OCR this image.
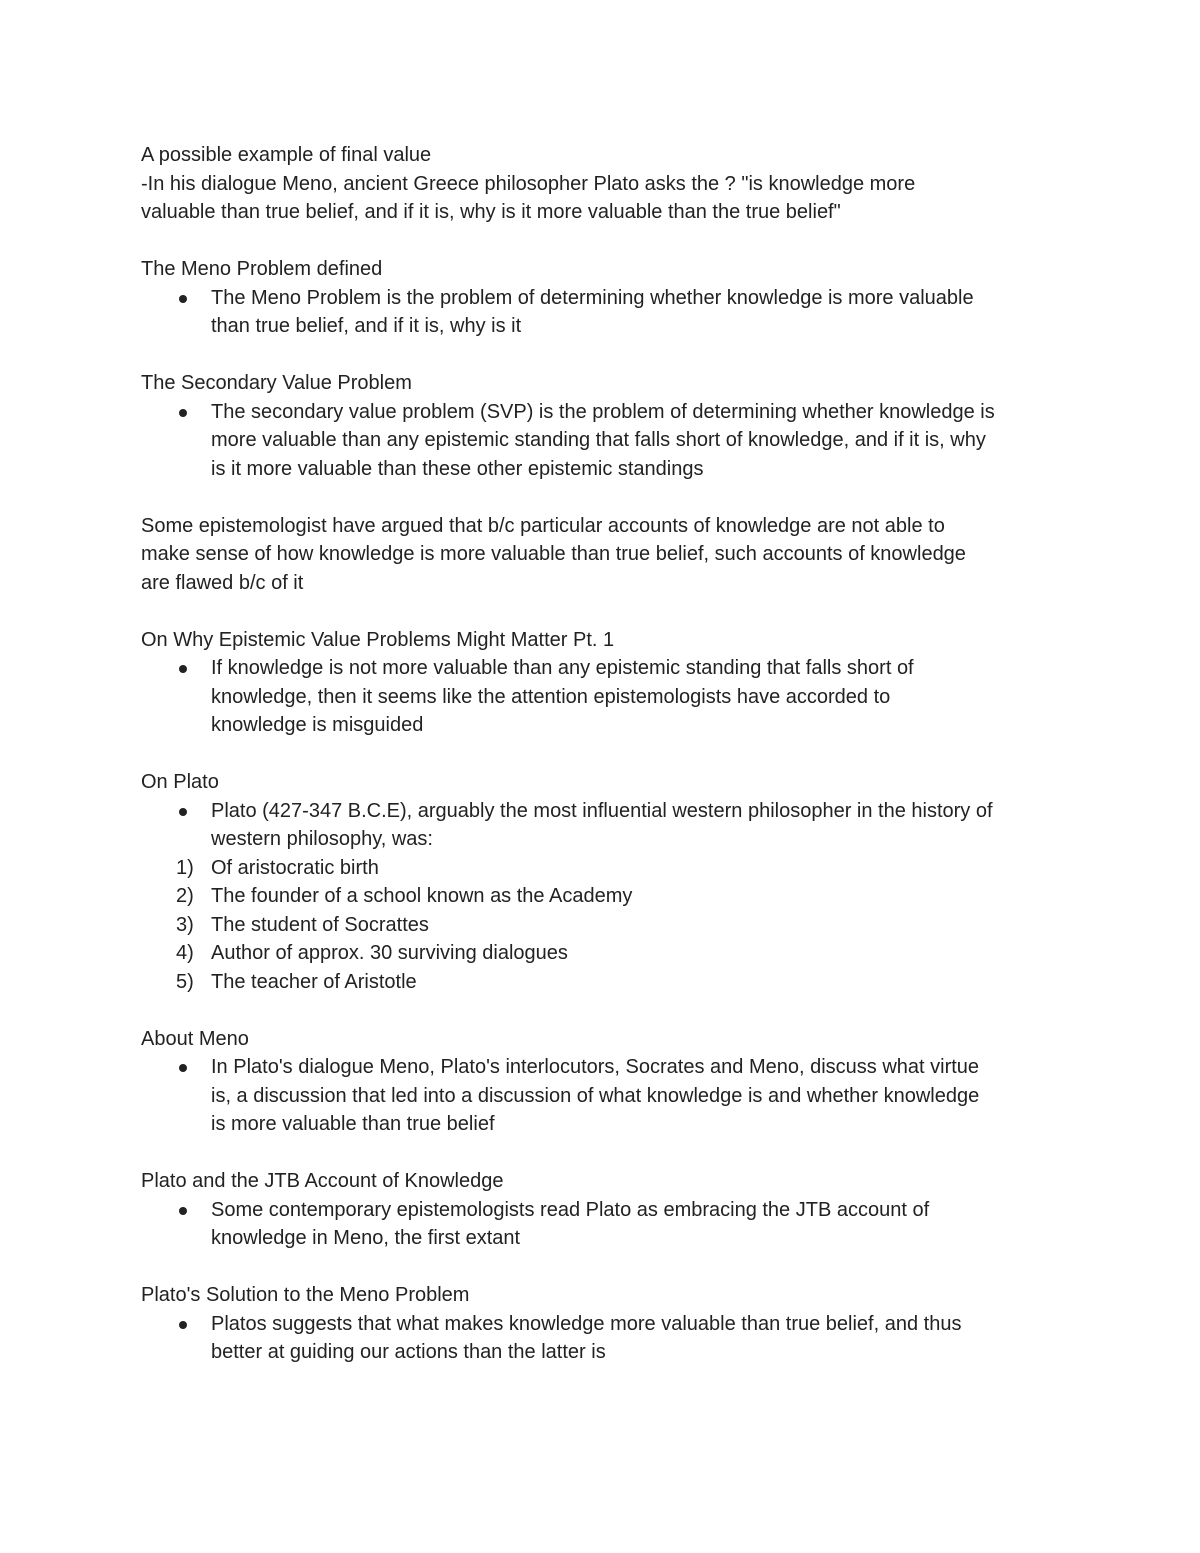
A possible example of final value

-In his dialogue Meno, ancient Greece philosopher Plato asks the ? "is knowledge more

valuable than true belief, and if it is, why is it more valuable than the true belief"

The Meno Problem defined

The Meno Problem is the problem of determining whether knowledge is more valuable
than true belief, and if it is, why is it

The Secondary Value Problem

The secondary value problem (SVP) is the problem of determining whether knowledge is
more valuable than any epistemic standing that falls short of knowledge, and if it is, why
is it more valuable than these other epistemic standings

Some epistemologist have argued that b/c particular accounts of knowledge are not able to

make sense of how knowledge is more valuable than true belief, such accounts of knowledge

are flawed b/c of it

On Why Epistemic Value Problems Might Matter Pt. 1

If knowledge is not more valuable than any epistemic standing that falls short of
knowledge, then it seems like the attention epistemologists have accorded to
knowledge is misguided

On Plato

Plato (427-347 B.C.E), arguably the most influential western philosopher in the history of
western philosophy, was:
1) Of aristocratic birth
2) The founder of a school known as the Academy
3) The student of Socrattes
4) Author of approx. 30 surviving dialogues
5) The teacher of Aristotle

About Meno

In Plato's dialogue Meno, Plato's interlocutors, Socrates and Meno, discuss what virtue
is, a discussion that led into a discussion of what knowledge is and whether knowledge
is more valuable than true belief

Plato and the JTB Account of Knowledge

Some contemporary epistemologists read Plato as embracing the JTB account of
knowledge in Meno, the first extant

Plato's Solution to the Meno Problem

Platos suggests that what makes knowledge more valuable than true belief, and thus
better at guiding our actions than the latter is
